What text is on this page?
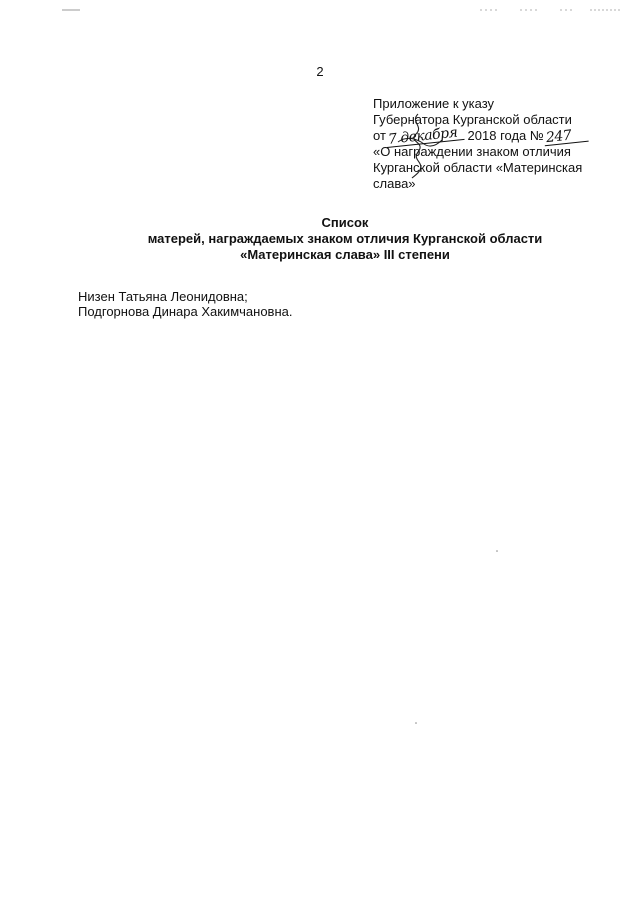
2
Приложение к указу
Губернатора Курганской области
от7 декабря 2018 года №247
«О награждении знаком отличия
Курганской области «Материнская
слава»
Список
матерей, награждаемых знаком отличия Курганской области
«Материнская слава» III степени
Низен Татьяна Леонидовна;
Подгорнова Динара Хакимчановна.
